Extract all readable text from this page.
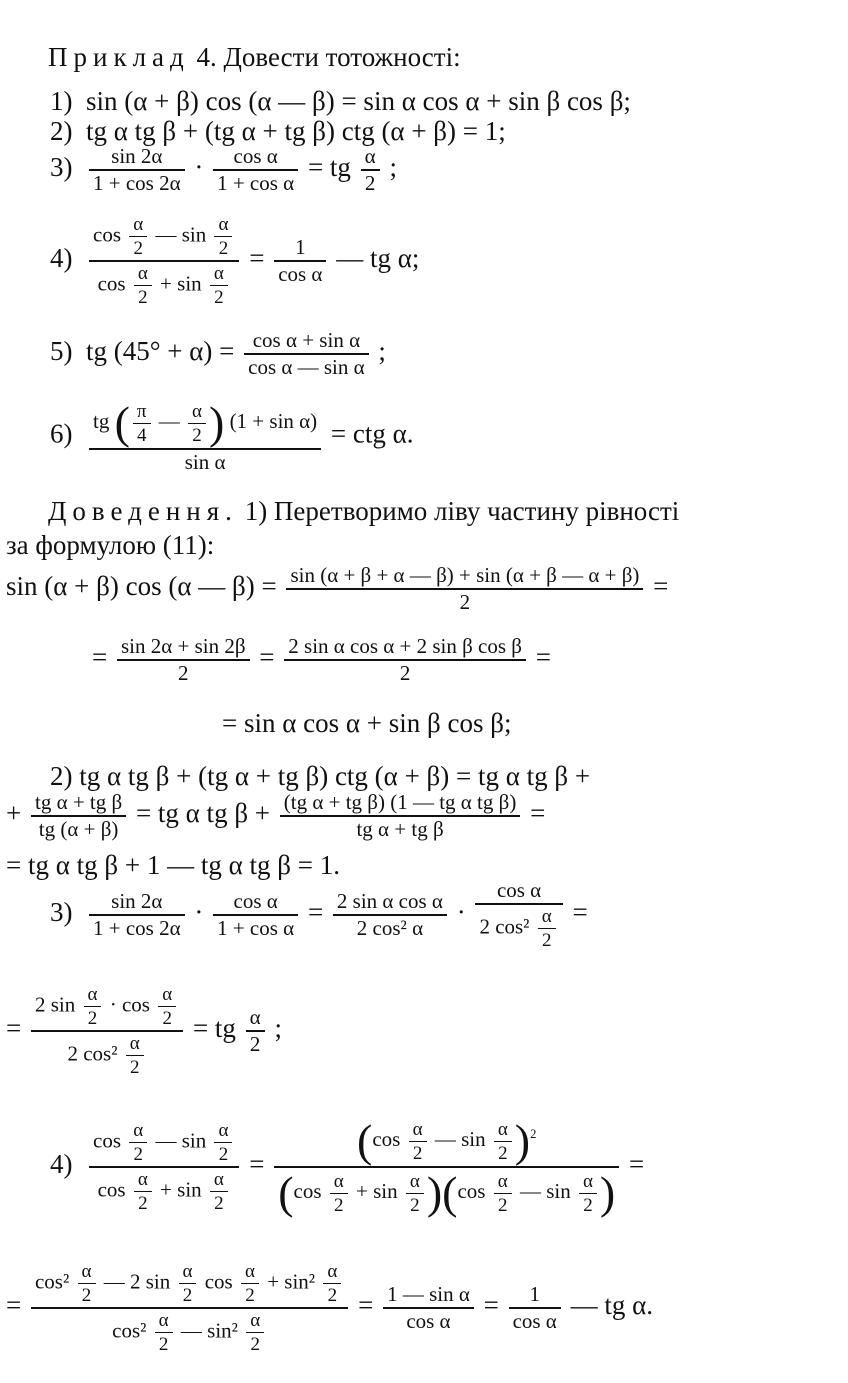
Приклад 4. Довести тотожності:
1) sin (α + β) cos (α — β) = sin α cos α + sin β cos β;
2) tg α tg β + (tg α + tg β) ctg (α + β) = 1;
$3) \frac{\sin 2\alpha}{1 + \cos 2\alpha} \cdot \frac{\text{cos α}}{\text{1 + cos α}}$ = tg $\frac{\alpha}{2}$ ;
$4) \frac{\cos \frac{\alpha}{2} — \sin \frac{\alpha}{2}}{\cos \frac{\alpha}{2} + \sin \frac{\alpha}{2}} = \frac{1}{\text{cos α}}$ — tg α;
5) tg $(45^\circ + \alpha) = \frac{\text{cos α + sin α}}{\text{cos α — sin α}}$ ;
$6) \frac{tg ( \frac{\pi}{4} — \frac{\alpha}{2} ) (1 + \sin \alpha)}{\text{sin α}}$ = ctg α.
Доведення. 1) Перетворимо ліву частину рівності
за формулою (11):
sin (α + β) cos (α — $\beta) = \frac{\sin (\alpha + \beta + \alpha — \beta) + \sin (\alpha + \beta — \alpha + \beta)}{2}$ =
= $\frac{\sin 2\alpha + \sin 2\beta}{2} = \frac{\text{2 sin α cos α + 2 sin β cos β}}{2}$ =
= sin α cos α + sin β cos β;
2) tg α tg β + (tg α + tg β) ctg (α + β) = tg α tg β +
+ $\frac{\text{tg α + tg β}}{tg (\alpha + \beta)}$ = tg α tg $\beta + \frac{\text{(tg α + tg β) (1 — tg α tg β)}}{\text{tg α + tg β}}$ =
= tg α tg β + 1 — tg α tg β = 1.
$3) \frac{\sin 2\alpha}{1 + \cos 2\alpha} \cdot \frac{\text{cos α}}{\text{1 + cos α}} = \frac{\text{2 sin α cos α}}{\text{2 cos² α}} \cdot \frac{\text{cos α}}{2 \cos^2 \frac{\alpha}{2}}$ =
= $\frac{2 \sin \frac{\alpha}{2} \cdot \cos \frac{\alpha}{2}}{2 \cos^2 \frac{\alpha}{2}}$ = tg $\frac{\alpha}{2}$ ;
$4) \frac{\cos \frac{\alpha}{2} — \sin \frac{\alpha}{2}}{\cos \frac{\alpha}{2} + \sin \frac{\alpha}{2}} = \frac{(\cos \frac{\alpha}{2} — \sin \frac{\alpha}{2} )^2}{(\cos \frac{\alpha}{2} + \sin \frac{\alpha}{2} )(\cos \frac{\alpha}{2} — \sin \frac{\alpha}{2} )}$ =
= $\frac{\cos^2 \frac{\alpha}{2} — 2 \sin \frac{\alpha}{2} \cos \frac{\alpha}{2} + \sin^2 \frac{\alpha}{2}}{\cos^2 \frac{\alpha}{2} — \sin^2 \frac{\alpha}{2}} = \frac{\text{1 — sin α}}{\text{cos α}} = \frac{1}{\text{cos α}}$ — tg α.
